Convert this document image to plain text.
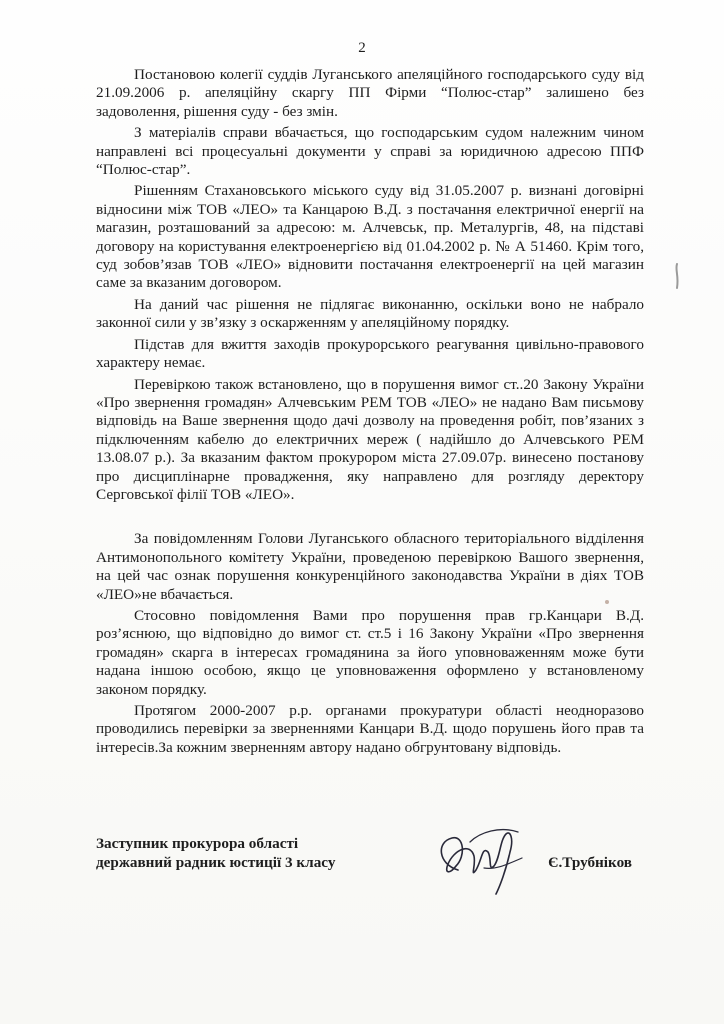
2

Постановою колегії суддів Луганського апеляційного господарського суду від 21.09.2006 р. апеляційну скаргу ПП Фірми “Полюс-стар” залишено без задоволення, рішення суду - без змін.

З матеріалів справи вбачається, що господарським судом належним чином направлені всі процесуальні документи у справі за юридичною адресою ППФ “Полюс-стар”.

Рішенням Стахановського міського суду від 31.05.2007 р. визнані договірні відносини між ТОВ «ЛЕО» та Канцарою В.Д. з постачання електричної енергії на магазин, розташований за адресою: м. Алчевськ, пр. Металургів, 48, на підставі договору на користування електроенергією від 01.04.2002 р. № А 51460. Крім того, суд зобов’язав ТОВ «ЛЕО» відновити постачання електроенергії на цей магазин саме за вказаним договором.

На даний час рішення не підлягає виконанню, оскільки воно не набрало законної сили у зв’язку з оскарженням у апеляційному порядку.

Підстав для вжиття заходів прокурорського реагування цивільно-правового характеру немає.

Перевіркою також встановлено, що в порушення вимог ст..20 Закону України «Про звернення громадян» Алчевським РЕМ ТОВ «ЛЕО» не надано Вам письмову відповідь на Ваше звернення щодо дачі дозволу на проведення робіт, пов’язаних з підключенням кабелю до електричних мереж ( надійшло до Алчевського РЕМ 13.08.07 р.). За вказаним фактом прокурором міста 27.09.07р. винесено постанову про дисциплінарне провадження, яку направлено для розгляду деректору Серговської філії ТОВ «ЛЕО».

За повідомленням Голови Луганського обласного територіального відділення Антимонопольного комітету України, проведеною перевіркою Вашого звернення, на цей час ознак порушення конкуренційного законодавства України в діях ТОВ «ЛЕО»не вбачається.

Стосовно повідомлення Вами про порушення прав гр.Канцари В.Д. роз’яснюю, що відповідно до вимог ст. ст.5 і 16 Закону України «Про звернення громадян» скарга в інтересах громадянина за його уповноваженням може бути надана іншою особою, якщо це уповноваження оформлено у встановленому законом порядку.

Протягом 2000-2007 р.р. органами прокуратури області неодноразово проводились перевірки за зверненнями Канцари В.Д. щодо порушень його прав та інтересів.За кожним зверненням автору надано обгрунтовану відповідь.

Заступник прокурора області
державний радник юстиції 3 класу	Є.Трубніков
